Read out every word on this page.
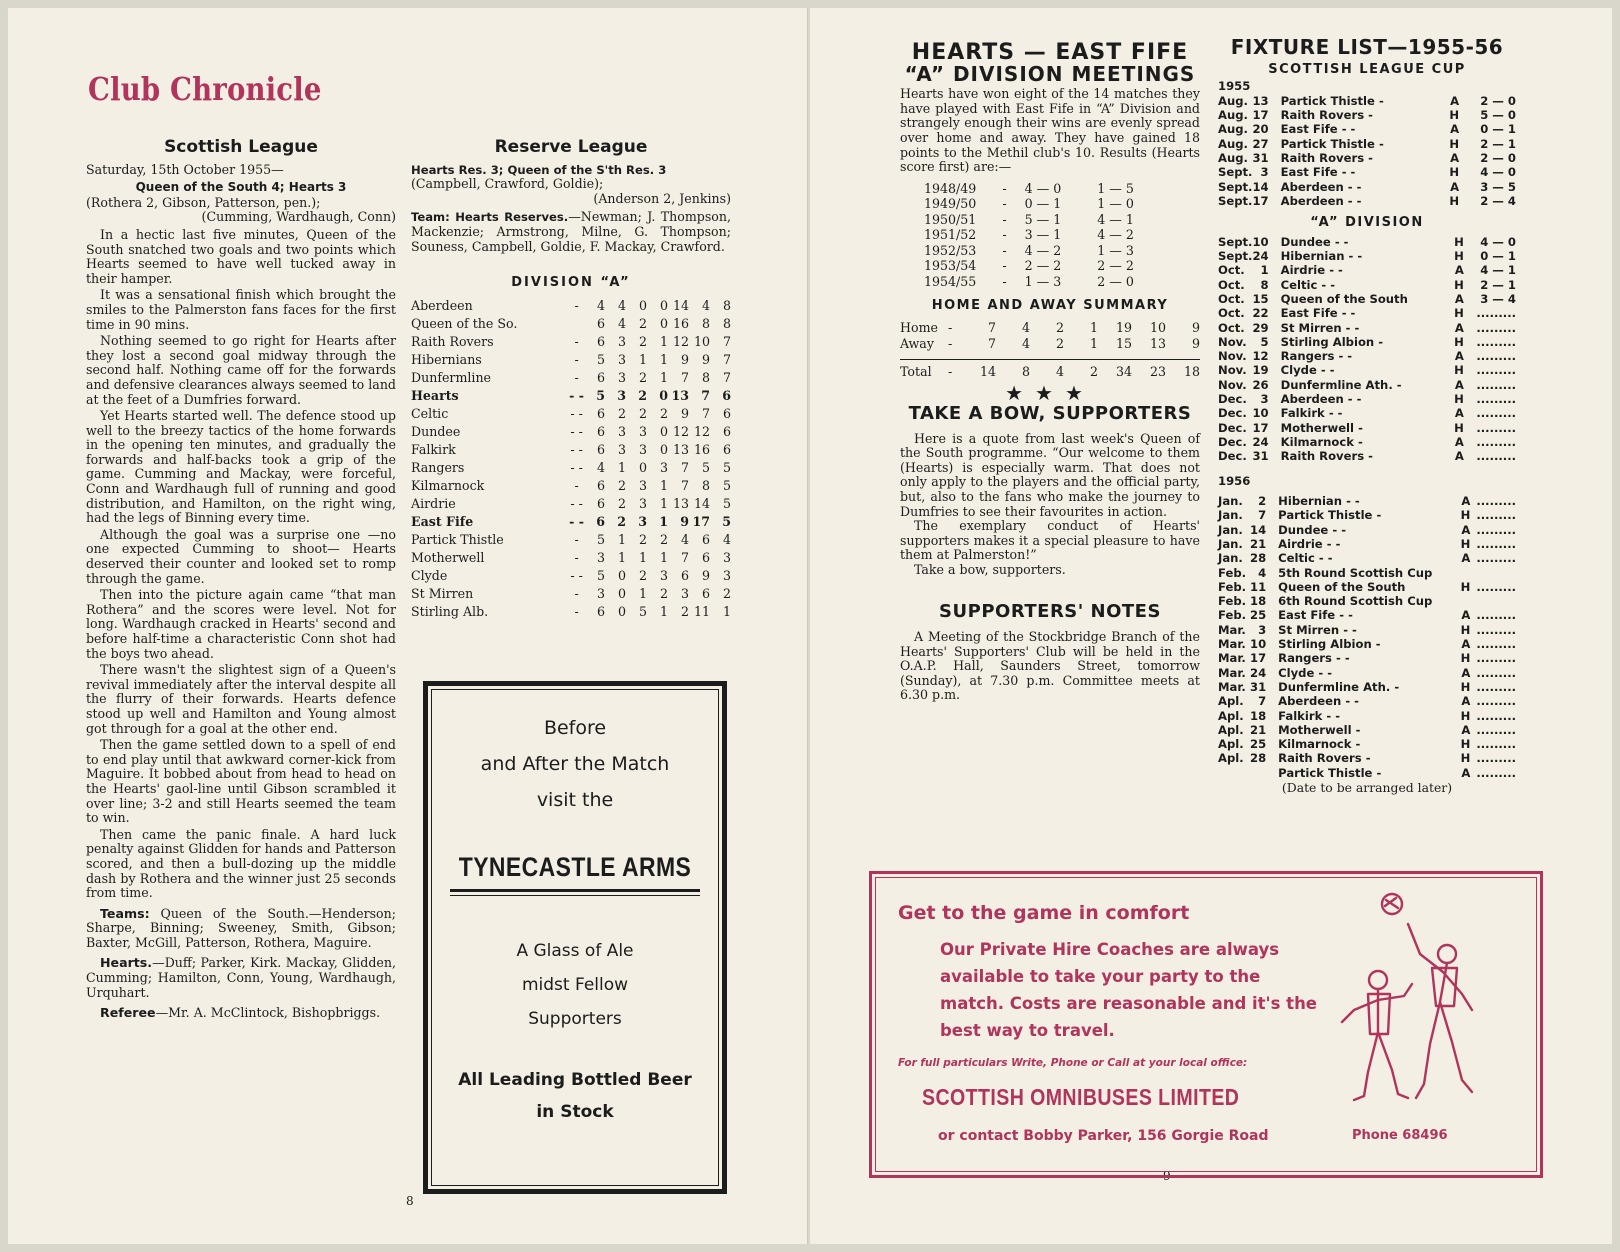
Club Chronicle
Scottish League
Saturday, 15th October 1955—
Queen of the South 4; Hearts 3
(Rothera 2, Gibson, Patterson, pen.);
(Cumming, Wardhaugh, Conn)
In a hectic last five minutes, Queen of the South snatched two goals and two points which Hearts seemed to have well tucked away in their hamper.
It was a sensational finish which brought the smiles to the Palmerston fans faces for the first time in 90 mins.
Nothing seemed to go right for Hearts after they lost a second goal midway through the second half. Nothing came off for the forwards and defensive clearances always seemed to land at the feet of a Dumfries forward.
Yet Hearts started well. The defence stood up well to the breezy tactics of the home forwards in the opening ten minutes, and gradually the forwards and half-backs took a grip of the game. Cumming and Mackay, were forceful, Conn and Wardhaugh full of running and good distribution, and Hamilton, on the right wing, had the legs of Binning every time.
Although the goal was a surprise one —no one expected Cumming to shoot— Hearts deserved their counter and looked set to romp through the game.
Then into the picture again came “that man Rothera” and the scores were level. Not for long. Wardhaugh cracked in Hearts' second and before half-time a characteristic Conn shot had the boys two ahead.
There wasn't the slightest sign of a Queen's revival immediately after the interval despite all the flurry of their forwards. Hearts defence stood up well and Hamilton and Young almost got through for a goal at the other end.
Then the game settled down to a spell of end to end play until that awkward corner-kick from Maguire. It bobbed about from head to head on the Hearts' gaol-line until Gibson scrambled it over line; 3-2 and still Hearts seemed the team to win.
Then came the panic finale. A hard luck penalty against Glidden for hands and Patterson scored, and then a bull-dozing up the middle dash by Rothera and the winner just 25 seconds from time.
Teams: Queen of the South.—Henderson; Sharpe, Binning; Sweeney, Smith, Gibson; Baxter, McGill, Patterson, Rothera, Maguire.
Hearts.—Duff; Parker, Kirk. Mackay, Glidden, Cumming; Hamilton, Conn, Young, Wardhaugh, Urquhart.
Referee—Mr. A. McClintock, Bishopbriggs.
Reserve League
Hearts Res. 3; Queen of the S'th Res. 3
(Campbell, Crawford, Goldie);
(Anderson 2, Jenkins)
Team: Hearts Reserves.—Newman; J. Thompson, Mackenzie; Armstrong, Milne, G. Thompson; Souness, Campbell, Goldie, F. Mackay, Crawford.
DIVISION “A”
Aberdeen	-	4	4	0	0	14	4	8
Queen of the So.		6	4	2	0	16	8	8
Raith Rovers	-	6	3	2	1	12	10	7
Hibernians	-	5	3	1	1	9	9	7
Dunfermline	-	6	3	2	1	7	8	7
Hearts	- -	5	3	2	0	13	7	6
Celtic	- -	6	2	2	2	9	7	6
Dundee	- -	6	3	3	0	12	12	6
Falkirk	- -	6	3	3	0	13	16	6
Rangers	- -	4	1	0	3	7	5	5
Kilmarnock	-	6	2	3	1	7	8	5
Airdrie	- -	6	2	3	1	13	14	5
East Fife	- -	6	2	3	1	9	17	5
Partick Thistle	-	5	1	2	2	4	6	4
Motherwell	-	3	1	1	1	7	6	3
Clyde	- -	5	0	2	3	6	9	3
St Mirren	-	3	0	1	2	3	6	2
Stirling Alb.	-	6	0	5	1	2	11	1
Before
and After the Match
visit the
TYNECASTLE ARMS
A Glass of Ale
midst Fellow
Supporters
All Leading Bottled Beer
in Stock
8
HEARTS — EAST FIFE
“A” DIVISION MEETINGS
Hearts have won eight of the 14 matches they have played with East Fife in “A” Division and strangely enough their wins are evenly spread over home and away. They have gained 18 points to the Methil club's 10. Results (Hearts score first) are:—
1948/49	-	4 — 0	1 — 5
1949/50	-	0 — 1	1 — 0
1950/51	-	5 — 1	4 — 1
1951/52	-	3 — 1	4 — 2
1952/53	-	4 — 2	1 — 3
1953/54	-	2 — 2	2 — 2
1954/55	-	1 — 3	2 — 0
HOME AND AWAY SUMMARY
Home	-	7	4	2	1	19	10	9
Away	-	7	4	2	1	15	13	9

Total	-	14	8	4	2	34	23	18
★★★
TAKE A BOW, SUPPORTERS
Here is a quote from last week's Queen of the South programme. “Our welcome to them (Hearts) is especially warm. That does not only apply to the players and the official party, but, also to the fans who make the journey to Dumfries to see their favourites in action.
The exemplary conduct of Hearts' supporters makes it a special pleasure to have them at Palmerston!”
Take a bow, supporters.
SUPPORTERS' NOTES
A Meeting of the Stockbridge Branch of the Hearts' Supporters' Club will be held in the O.A.P. Hall, Saunders Street, tomorrow (Sunday), at 7.30 p.m. Committee meets at 6.30 p.m.
FIXTURE LIST—1955-56
SCOTTISH LEAGUE CUP
1955
Aug.	13	Partick Thistle -	A	2 — 0
Aug.	17	Raith Rovers -	H	5 — 0
Aug.	20	East Fife - -	A	0 — 1
Aug.	27	Partick Thistle -	H	2 — 1
Aug.	31	Raith Rovers -	A	2 — 0
Sept.	3	East Fife - -	H	4 — 0
Sept.	14	Aberdeen - -	A	3 — 5
Sept.	17	Aberdeen - -	H	2 — 4
“A” DIVISION
Sept.	10	Dundee - -	H	4 — 0
Sept.	24	Hibernian - -	H	0 — 1
Oct.	1	Airdrie - -	A	4 — 1
Oct.	8	Celtic - -	H	2 — 1
Oct.	15	Queen of the South	A	3 — 4
Oct.	22	East Fife - -	H	.........
Oct.	29	St Mirren - -	A	.........
Nov.	5	Stirling Albion -	H	.........
Nov.	12	Rangers - -	A	.........
Nov.	19	Clyde - -	H	.........
Nov.	26	Dunfermline Ath. -	A	.........
Dec.	3	Aberdeen - -	H	.........
Dec.	10	Falkirk - -	A	.........
Dec.	17	Motherwell -	H	.........
Dec.	24	Kilmarnock -	A	.........
Dec.	31	Raith Rovers -	A	.........
1956
Jan.	2	Hibernian - -	A	.........
Jan.	7	Partick Thistle -	H	.........
Jan.	14	Dundee - -	A	.........
Jan.	21	Airdrie - -	H	.........
Jan.	28	Celtic - -	A	.........
Feb.	4	5th Round Scottish Cup		
Feb.	11	Queen of the South	H	.........
Feb.	18	6th Round Scottish Cup		
Feb.	25	East Fife - -	A	.........
Mar.	3	St Mirren - -	H	.........
Mar.	10	Stirling Albion -	A	.........
Mar.	17	Rangers - -	H	.........
Mar.	24	Clyde - -	A	.........
Mar.	31	Dunfermline Ath. -	H	.........
Apl.	7	Aberdeen - -	A	.........
Apl.	18	Falkirk - -	H	.........
Apl.	21	Motherwell -	A	.........
Apl.	25	Kilmarnock -	H	.........
Apl.	28	Raith Rovers -	H	.........
		Partick Thistle -	A	.........
(Date to be arranged later)
9
Get to the game in comfort
Our Private Hire Coaches are always available to take your party to the match. Costs are reasonable and it's the best way to travel.
For full particulars Write, Phone or Call at your local office:
SCOTTISH OMNIBUSES LIMITED
or contact Bobby Parker, 156 Gorgie Road	Phone 68496
